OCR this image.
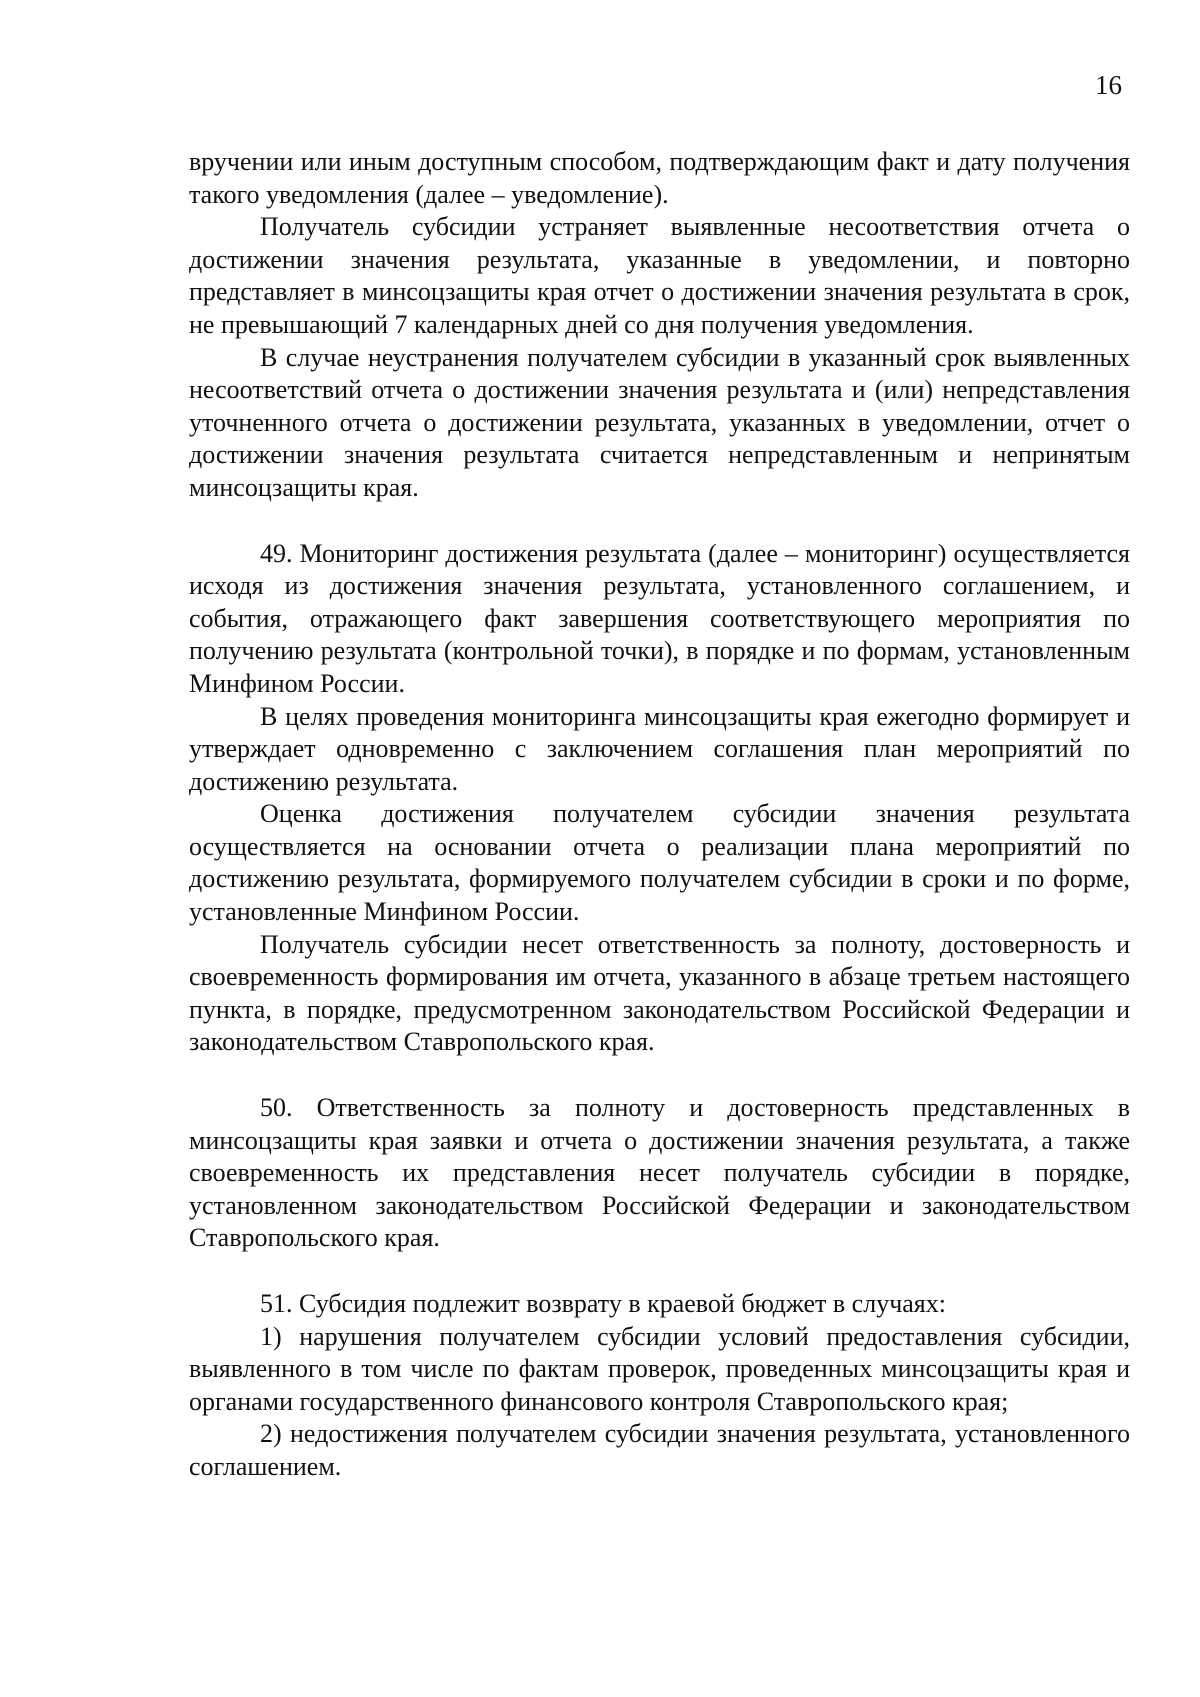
16

вручении или иным доступным способом, подтверждающим факт и дату получения такого уведомления (далее – уведомление).

Получатель субсидии устраняет выявленные несоответствия отчета о достижении значения результата, указанные в уведомлении, и повторно представляет в минсоцзащиты края отчет о достижении значения результата в срок, не превышающий 7 календарных дней со дня получения уведомления.

В случае неустранения получателем субсидии в указанный срок выявленных несоответствий отчета о достижении значения результата и (или) непредставления уточненного отчета о достижении результата, указанных в уведомлении, отчет о достижении значения результата считается непредставленным и непринятым минсоцзащиты края.

49. Мониторинг достижения результата (далее – мониторинг) осуществляется исходя из достижения значения результата, установленного соглашением, и события, отражающего факт завершения соответствующего мероприятия по получению результата (контрольной точки), в порядке и по формам, установленным Минфином России.

В целях проведения мониторинга минсоцзащиты края ежегодно формирует и утверждает одновременно с заключением соглашения план мероприятий по достижению результата.

Оценка достижения получателем субсидии значения результата осуществляется на основании отчета о реализации плана мероприятий по достижению результата, формируемого получателем субсидии в сроки и по форме, установленные Минфином России.

Получатель субсидии несет ответственность за полноту, достоверность и своевременность формирования им отчета, указанного в абзаце третьем настоящего пункта, в порядке, предусмотренном законодательством Российской Федерации и законодательством Ставропольского края.

50. Ответственность за полноту и достоверность представленных в минсоцзащиты края заявки и отчета о достижении значения результата, а также своевременность их представления несет получатель субсидии в порядке, установленном законодательством Российской Федерации и законодательством Ставропольского края.

51. Субсидия подлежит возврату в краевой бюджет в случаях:

1) нарушения получателем субсидии условий предоставления субсидии, выявленного в том числе по фактам проверок, проведенных минсоцзащиты края и органами государственного финансового контроля Ставропольского края;

2) недостижения получателем субсидии значения результата, установленного соглашением.
